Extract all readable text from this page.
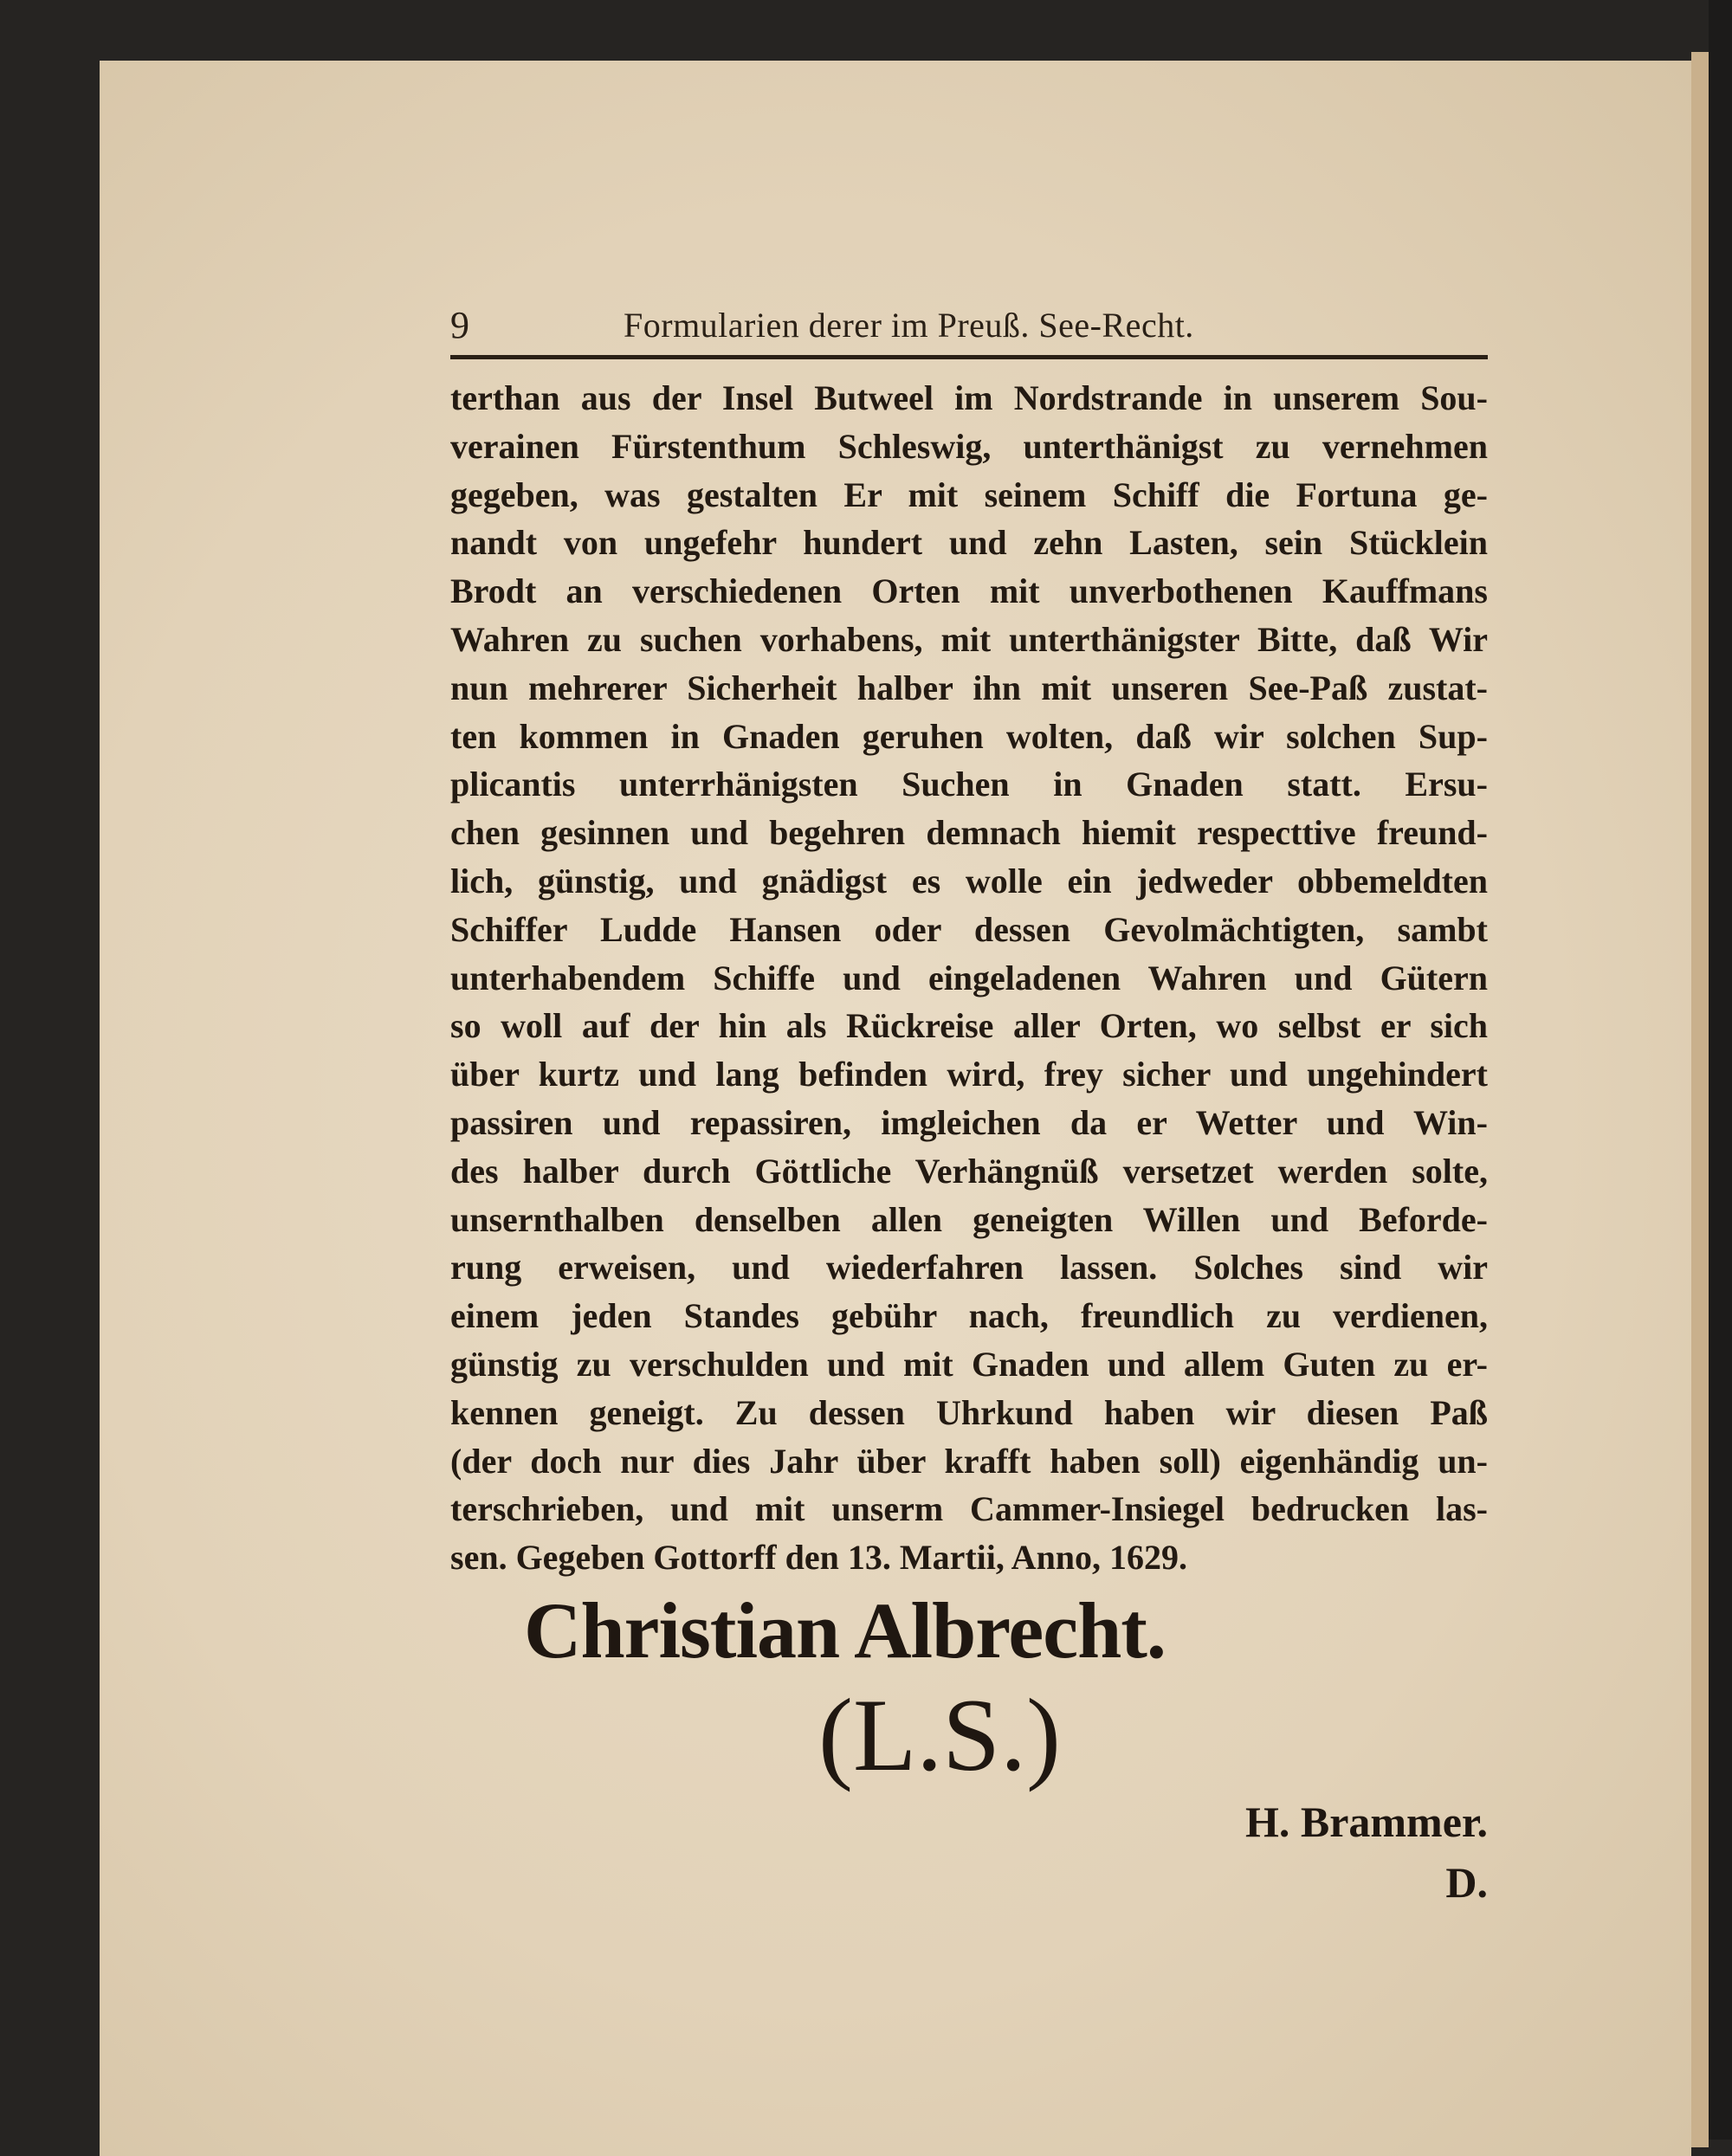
9	Formularien derer im Preuß. See-Recht.
terthan aus der Insel Butweel im Nordstrande in unserem Sou-
verainen Fürstenthum Schleswig, unterthänigst zu vernehmen
gegeben, was gestalten Er mit seinem Schiff die Fortuna ge-
nandt von ungefehr hundert und zehn Lasten, sein Stücklein
Brodt an verschiedenen Orten mit unverbothenen Kauffmans
Wahren zu suchen vorhabens, mit unterthänigster Bitte, daß Wir
nun mehrerer Sicherheit halber ihn mit unseren See-Paß zustat-
ten kommen in Gnaden geruhen wolten, daß wir solchen Sup-
plicantis unterrhänigsten Suchen in Gnaden statt. Ersu-
chen gesinnen und begehren demnach hiemit respecttive freund-
lich, günstig, und gnädigst es wolle ein jedweder obbemeldten
Schiffer Ludde Hansen oder dessen Gevolmächtigten, sambt
unterhabendem Schiffe und eingeladenen Wahren und Gütern
so woll auf der hin als Rückreise aller Orten, wo selbst er sich
über kurtz und lang befinden wird, frey sicher und ungehindert
passiren und repassiren, imgleichen da er Wetter und Win-
des halber durch Göttliche Verhängnüß versetzet werden solte,
unsernthalben denselben allen geneigten Willen und Beforde-
rung erweisen, und wiederfahren lassen. Solches sind wir
einem jeden Standes gebühr nach, freundlich zu verdienen,
günstig zu verschulden und mit Gnaden und allem Guten zu er-
kennen geneigt. Zu dessen Uhrkund haben wir diesen Paß
(der doch nur dies Jahr über krafft haben soll) eigenhändig un-
terschrieben, und mit unserm Cammer-Insiegel bedrucken las-
sen. Gegeben Gottorff den 13. Martii, Anno, 1629.
Christian Albrecht.
(L.S.)
H. Brammer.
D.
